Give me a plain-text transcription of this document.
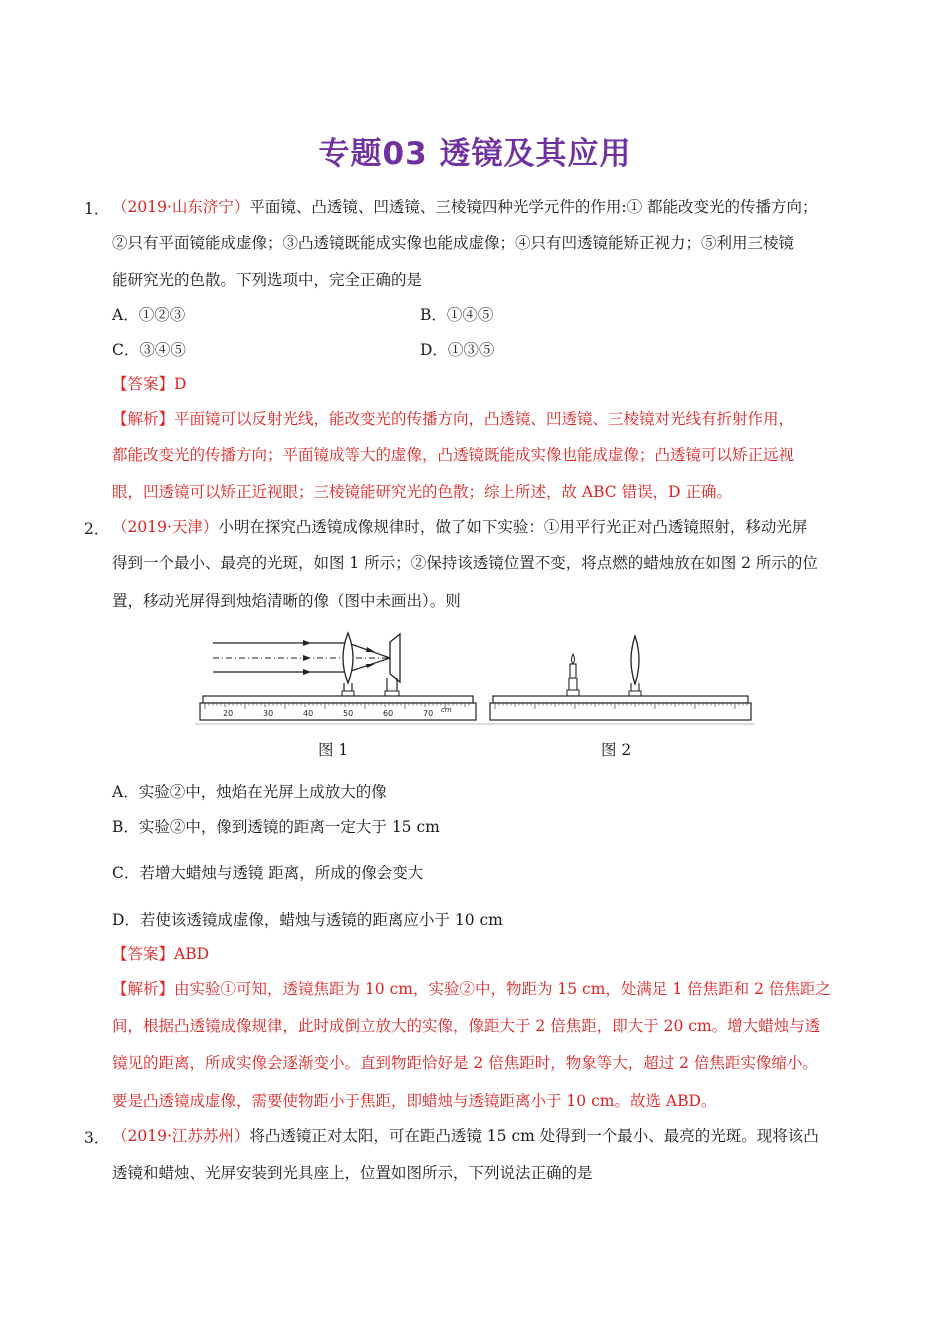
专题03 透镜及其应用
1． （2019·山东济宁）平面镜、凸透镜、凹透镜、三棱镜四种光学元件的作用:① 都能改变光的传播方向；
②只有平面镜能成虚像；③凸透镜既能成实像也能成虚像；④只有凹透镜能矫正视力；⑤利用三棱镜
能研究光的色散。下列选项中，完全正确的是
A．①②③	B．①④⑤
C．③④⑤	D．①③⑤
【答案】D
【解析】平面镜可以反射光线，能改变光的传播方向，凸透镜、凹透镜、三棱镜对光线有折射作用，
都能改变光的传播方向；平面镜成等大的虚像，凸透镜既能成实像也能成虚像；凸透镜可以矫正远视
眼，凹透镜可以矫正近视眼；三棱镜能研究光的色散；综上所述，故 ABC 错误，D 正确。
2． （2019·天津）小明在探究凸透镜成像规律时，做了如下实验：①用平行光正对凸透镜照射，移动光屏
得到一个最小、最亮的光斑，如图 1 所示；②保持该透镜位置不变，将点燃的蜡烛放在如图 2 所示的位
置，移动光屏得到烛焰清晰的像（图中未画出）。则
20	30	40	50	60	70 cm
图 1	图 2
A．实验②中，烛焰在光屏上成放大的像
B．实验②中，像到透镜的距离一定大于 15 cm
C．若增大蜡烛与透镜 距离，所成的像会变大
D．若使该透镜成虚像，蜡烛与透镜的距离应小于 10 cm
【答案】ABD
【解析】由实验①可知，透镜焦距为 10 cm，实验②中，物距为 15 cm，处满足 1 倍焦距和 2 倍焦距之
间，根据凸透镜成像规律，此时成倒立放大的实像，像距大于 2 倍焦距，即大于 20 cm。增大蜡烛与透
镜见的距离，所成实像会逐渐变小。直到物距恰好是 2 倍焦距时，物象等大，超过 2 倍焦距实像缩小。
要是凸透镜成虚像，需要使物距小于焦距，即蜡烛与透镜距离小于 10 cm。故选 ABD。
3． （2019·江苏苏州）将凸透镜正对太阳，可在距凸透镜 15 cm 处得到一个最小、最亮的光斑。现将该凸
透镜和蜡烛、光屏安装到光具座上，位置如图所示，下列说法正确的是
